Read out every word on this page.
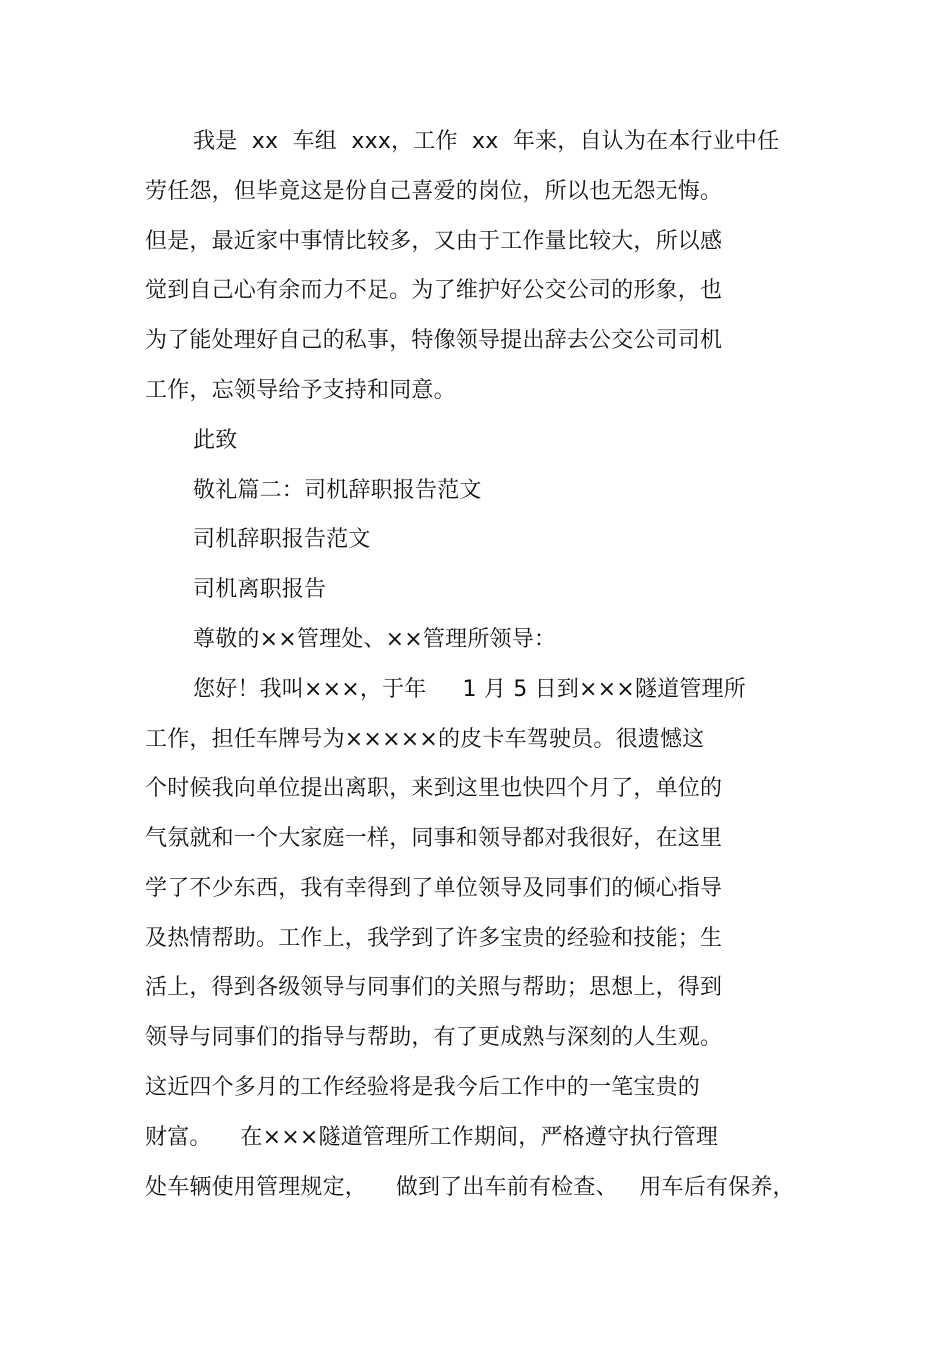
我是  xx  车组  xxx，工作  xx  年来，自认为在本行业中任
劳任怨，但毕竟这是份自己喜爱的岗位，所以也无怨无悔。
但是，最近家中事情比较多，又由于工作量比较大，所以感
觉到自己心有余而力不足。为了维护好公交公司的形象，也
为了能处理好自己的私事，特像领导提出辞去公交公司司机
工作，忘领导给予支持和同意。
此致
敬礼篇二：司机辞职报告范文
司机辞职报告范文
司机离职报告
尊敬的××管理处、××管理所领导：
您好！我叫×××，于年     1 月 5 日到×××隧道管理所
工作，担任车牌号为×××××的皮卡车驾驶员。很遗憾这
个时候我向单位提出离职，来到这里也快四个月了，单位的
气氛就和一个大家庭一样，同事和领导都对我很好，在这里
学了不少东西，我有幸得到了单位领导及同事们的倾心指导
及热情帮助。工作上，我学到了许多宝贵的经验和技能；生
活上，得到各级领导与同事们的关照与帮助；思想上，得到
领导与同事们的指导与帮助，有了更成熟与深刻的人生观。
这近四个多月的工作经验将是我今后工作中的一笔宝贵的
财富。    在×××隧道管理所工作期间，严格遵守执行管理
处车辆使用管理规定，    做到了出车前有检查、   用车后有保养，
